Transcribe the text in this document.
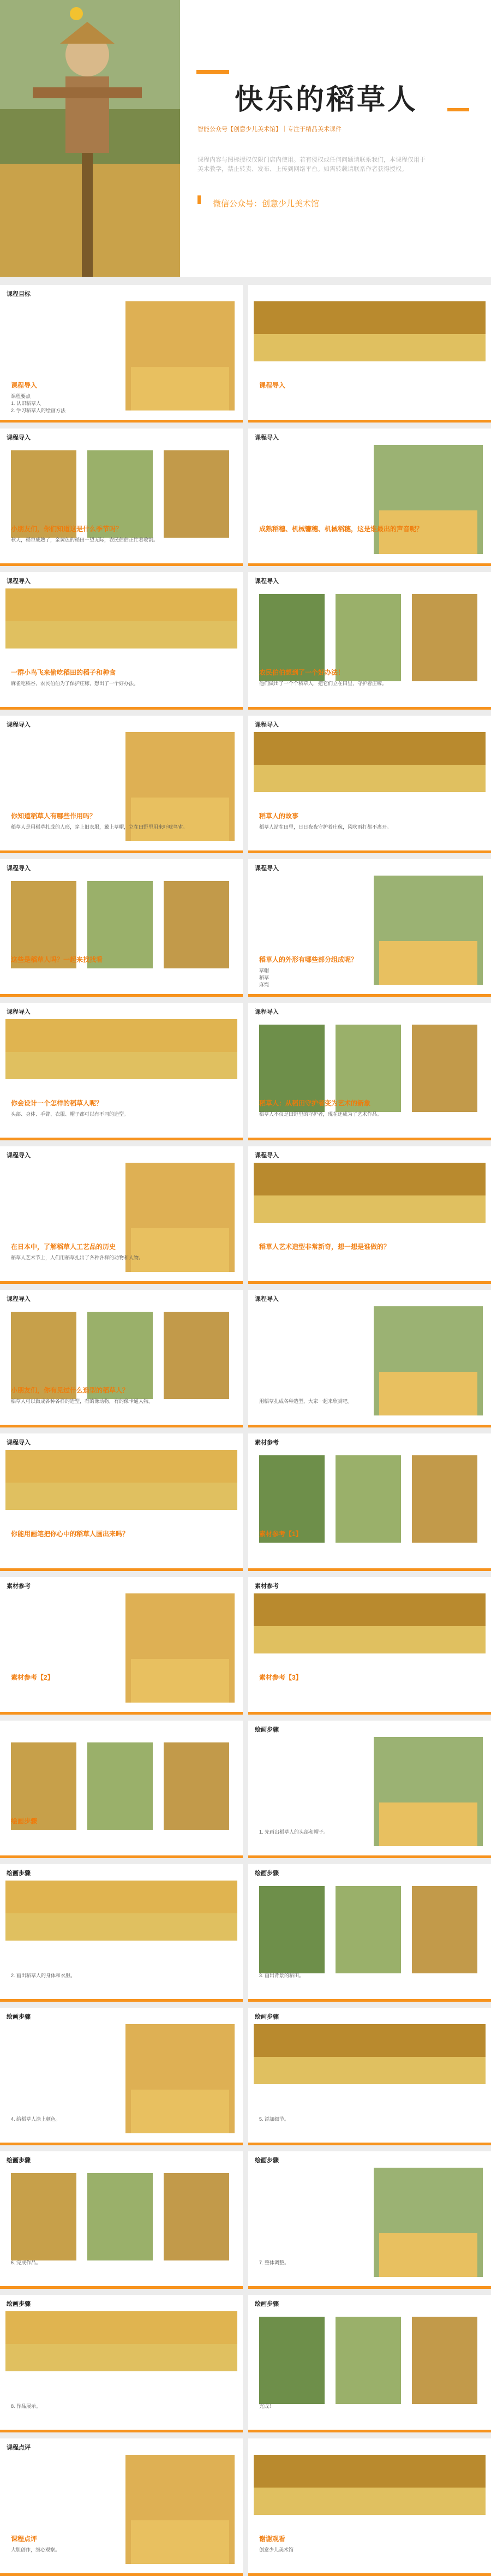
快乐的稻草人
智能公众号【创意少儿美术馆】｜专注于精品美术课件
课程内容与图标授权仅限门店内使用。若有侵权或任何问题请联系我们，本课程仅用于美术教学，禁止转卖、发布、上传到网络平台。如需转载请联系作者获得授权。
微信公众号：创意少儿美术馆
课程目标
课程导入
课程要点
1. 认识稻草人
2. 学习稻草人的绘画方法
课程导入
课程导入
小朋友们，你们知道这是什么季节吗？
秋天，稻谷成熟了，金黄色的稻田一望无际，农民伯伯正忙着收割。
课程导入
成熟稻穗、机械镰穗、机械稻穗，这是谁最出的声音呢？
课程导入
一群小鸟飞来偷吃稻田的稻子和种食
麻雀吃稻谷，农民伯伯为了保护庄稼，想出了一个好办法。
课程导入
农民伯伯想到了一个好办法！
他们做出了一个个稻草人，把它们立在田里，守护着庄稼。
课程导入
你知道稻草人有哪些作用吗？
稻草人是用稻草扎成的人形，穿上旧衣服，戴上草帽，立在田野里用来吓唬鸟雀。
课程导入
稻草人的故事
稻草人站在田里，日日夜夜守护着庄稼，风吹雨打都不离开。
课程导入
这些是稻草人吗？一起来找找看
课程导入
稻草人的外形有哪些部分组成呢？
草帽
稻草
麻绳
课程导入
你会设计一个怎样的稻草人呢？
头部、身体、手臂、衣服、帽子都可以有不同的造型。
课程导入
稻草人：从稻田守护者变为艺术的新象
稻草人不仅是田野里的守护者，现在还成为了艺术作品。
课程导入
在日本中，了解稻草人工艺品的历史
稻草人艺术节上，人们用稻草扎出了各种各样的动物和人物。
课程导入
稻草人艺术造型非常新奇，想一想是谁做的？
课程导入
小朋友们，你有见过什么造型的稻草人？
稻草人可以做成各种各样的造型，有的像动物，有的像卡通人物。
课程导入
用稻草扎成各种造型，大家一起来欣赏吧。
课程导入
你能用画笔把你心中的稻草人画出来吗？
素材参考
素材参考【1】
素材参考
素材参考【2】
素材参考
素材参考【3】
绘画步骤
绘画步骤
1. 先画出稻草人的头部和帽子。
绘画步骤
2. 画出稻草人的身体和衣服。
绘画步骤
3. 画出背景的稻田。
绘画步骤
4. 给稻草人涂上颜色。
绘画步骤
5. 添加细节。
绘画步骤
6. 完成作品。
绘画步骤
7. 整体调整。
绘画步骤
8. 作品展示。
绘画步骤
完成！
课程点评
课程点评
大胆创作，细心观察。
谢谢观看
创意少儿美术馆
